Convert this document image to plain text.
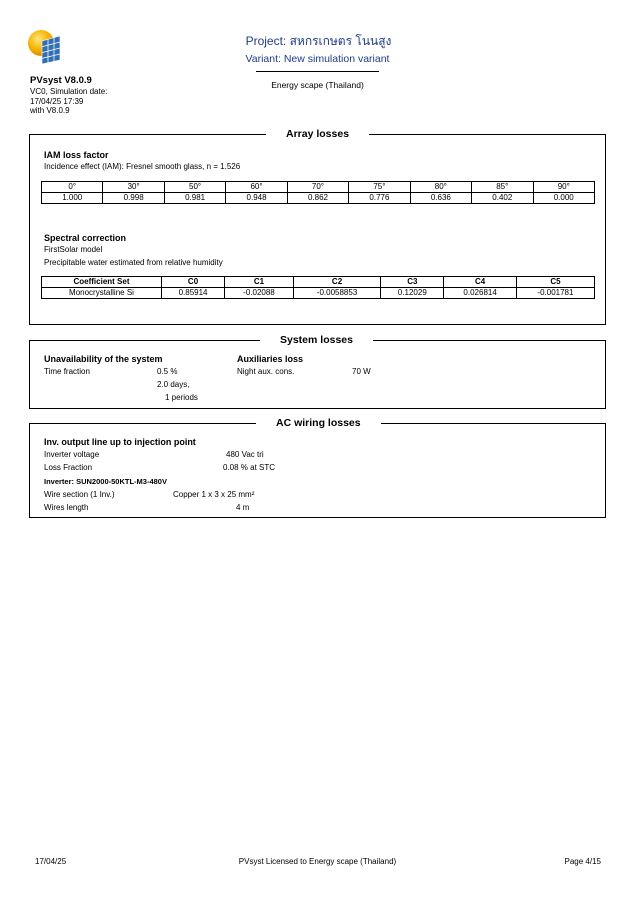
PVsyst V8.0.9
VC0, Simulation date:
17/04/25 17:39
with V8.0.9
Project: สหกรเกษตร โนนสูง
Variant: New simulation variant
Energy scape (Thailand)
Array losses
IAM loss factor
Incidence effect (IAM): Fresnel smooth glass, n = 1.526
0°	30°	50°	60°	70°	75°	80°	85°	90°
1.000	0.998	0.981	0.948	0.862	0.776	0.636	0.402	0.000
Spectral correction
FirstSolar model
Precipitable water estimated from relative humidity
Coefficient Set	C0	C1	C2	C3	C4	C5
Monocrystalline Si	0.85914	-0.02088	-0.0058853	0.12029	0.026814	-0.001781
System losses
Unavailability of the system
Time fraction	0.5 %
2.0 days,
1 periods
Auxiliaries loss
Night aux. cons.	70 W
AC wiring losses
Inv. output line up to injection point
Inverter voltage	480 Vac tri
Loss Fraction	0.08 % at STC
Inverter: SUN2000-50KTL-M3-480V
Wire section (1 Inv.)	Copper 1 x 3 x 25 mm²
Wires length	4 m
17/04/25	PVsyst Licensed to Energy scape (Thailand)	Page 4/15
